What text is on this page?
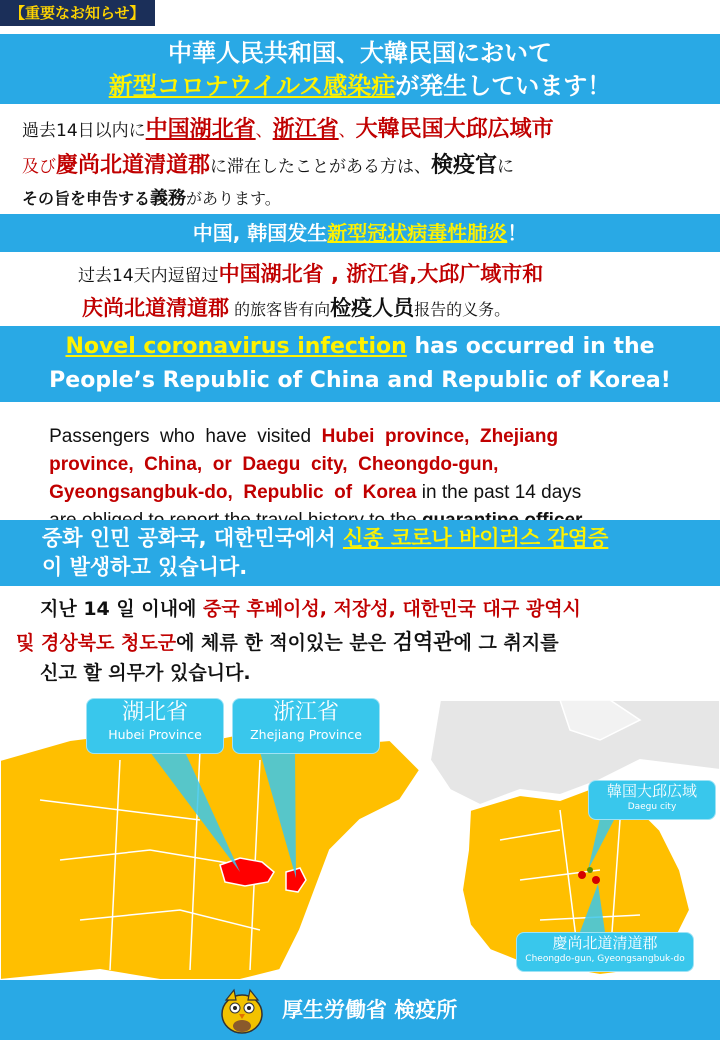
【重要なお知らせ】
中華人民共和国、大韓民国において
新型コロナウイルス感染症が発生しています！
過去14日以内に中国湖北省、浙江省、大韓民国大邱広域市
及び慶尚北道清道郡に滞在したことがある方は、検疫官に
その旨を申告する義務があります。
中国, 韩国发生新型冠状病毒性肺炎！
过去14天内逗留过中国湖北省 , 浙江省,大邱广域市和
庆尚北道清道郡 的旅客皆有向检疫人员报告的义务。
Novel coronavirus infection has occurred in the
People’s Republic of China and Republic of Korea!

Passengers  who  have  visited  Hubei  province,  Zhejiang

province,  China,  or  Daegu  city,  Cheongdo-gun,

Gyeongsangbuk-do,  Republic  of  Korea in the past 14 days

중화 인민 공화국, 대한민국에서 신종 코로나 바이러스 감염증
이 발생하고 있습니다.
湖北省
Hubei Province
浙江省
Zhejiang Province
韓国大邱広域
Daegu city
慶尚北道清道郡
Cheongdo-gun, Gyeongsangbuk-do
지난 14 일 이내에 중국 후베이성, 저장성, 대한민국 대구 광역시
및 경상북도 청도군에 체류 한 적이있는 분은 검역관에 그 취지를
신고 할 의무가 있습니다.
厚生労働省 検疫所
